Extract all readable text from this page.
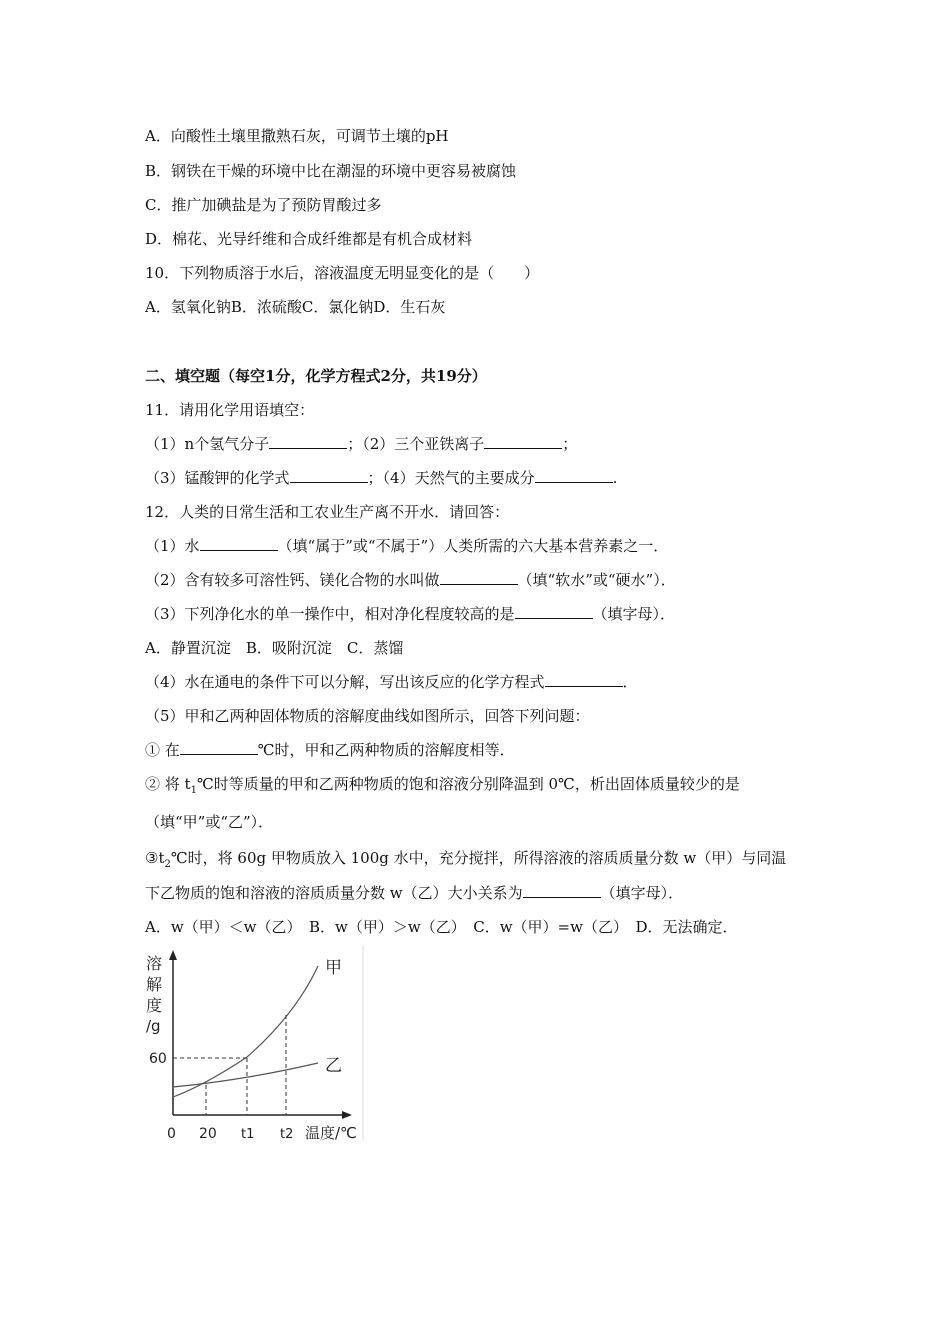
A．向酸性土壤里撒熟石灰，可调节土壤的pH
B．钢铁在干燥的环境中比在潮湿的环境中更容易被腐蚀
C．推广加碘盐是为了预防胃酸过多
D．棉花、光导纤维和合成纤维都是有机合成材料
10．下列物质溶于水后，溶液温度无明显变化的是（　　）
A．氢氧化钠B．浓硫酸C．氯化钠D．生石灰
二、填空题（每空1分，化学方程式2分，共19分）
11．请用化学用语填空：
（1）n个氢气分子	；（2）三个亚铁离子	；
（3）锰酸钾的化学式	；（4）天然气的主要成分	.
12．人类的日常生活和工农业生产离不开水．请回答：
（1）水	（填“属于”或“不属于”）人类所需的六大基本营养素之一．
（2）含有较多可溶性钙、镁化合物的水叫做	（填“软水”或“硬水”）．
（3）下列净化水的单一操作中，相对净化程度较高的是	（填字母）．
A．静置沉淀　B．吸附沉淀　C．蒸馏
（4）水在通电的条件下可以分解，写出该反应的化学方程式	．
（5）甲和乙两种固体物质的溶解度曲线如图所示，回答下列问题：
① 在	℃时，甲和乙两种物质的溶解度相等．
② 将 $t_1℃$时等质量的甲和乙两种物质的饱和溶液分别降温到 0℃，析出固体质量较少的是
（填“甲”或“乙”）．
$③t_2℃$时，将 60g 甲物质放入 100g 水中，充分搅拌，所得溶液的溶质质量分数 w（甲）与同温
下乙物质的饱和溶液的溶质质量分数 w（乙）大小关系为	（填字母）．
A．w（甲）＜w（乙）　B．w（甲）＞w（乙）　C．w（甲）=w（乙）　D．无法确定．
溶
解
度
/g
60
0 20 t1 t2 温度/℃
甲
乙
